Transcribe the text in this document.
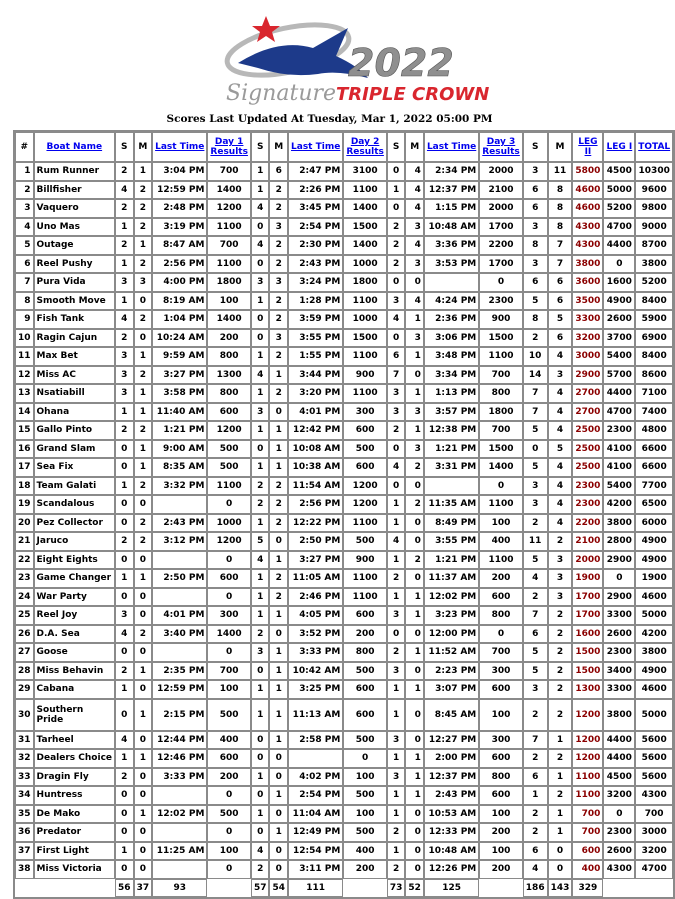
2022
Signature TRIPLE CROWN
Scores Last Updated At Tuesday, Mar 1, 2022 05:00 PM
#	Boat Name	S	M	Last Time	Day 1 Results	S	M	Last Time	Day 2 Results	S	M	Last Time	Day 3 Results	S	M	LEG II	LEG I	TOTAL
1	Rum Runner	2	1	3:04 PM	700	1	6	2:47 PM	3100	0	4	2:34 PM	2000	3	11	5800	4500	10300
2	Billfisher	4	2	12:59 PM	1400	1	2	2:26 PM	1100	1	4	12:37 PM	2100	6	8	4600	5000	9600
3	Vaquero	2	2	2:48 PM	1200	4	2	3:45 PM	1400	0	4	1:15 PM	2000	6	8	4600	5200	9800
4	Uno Mas	1	2	3:19 PM	1100	0	3	2:54 PM	1500	2	3	10:48 AM	1700	3	8	4300	4700	9000
5	Outage	2	1	8:47 AM	700	4	2	2:30 PM	1400	2	4	3:36 PM	2200	8	7	4300	4400	8700
6	Reel Pushy	1	2	2:56 PM	1100	0	2	2:43 PM	1000	2	3	3:53 PM	1700	3	7	3800	0	3800
7	Pura Vida	3	3	4:00 PM	1800	3	3	3:24 PM	1800	0	0		0	6	6	3600	1600	5200
8	Smooth Move	1	0	8:19 AM	100	1	2	1:28 PM	1100	3	4	4:24 PM	2300	5	6	3500	4900	8400
9	Fish Tank	4	2	1:04 PM	1400	0	2	3:59 PM	1000	4	1	2:36 PM	900	8	5	3300	2600	5900
10	Ragin Cajun	2	0	10:24 AM	200	0	3	3:55 PM	1500	0	3	3:06 PM	1500	2	6	3200	3700	6900
11	Max Bet	3	1	9:59 AM	800	1	2	1:55 PM	1100	6	1	3:48 PM	1100	10	4	3000	5400	8400
12	Miss AC	3	2	3:27 PM	1300	4	1	3:44 PM	900	7	0	3:34 PM	700	14	3	2900	5700	8600
13	Nsatiabill	3	1	3:58 PM	800	1	2	3:20 PM	1100	3	1	1:13 PM	800	7	4	2700	4400	7100
14	Ohana	1	1	11:40 AM	600	3	0	4:01 PM	300	3	3	3:57 PM	1800	7	4	2700	4700	7400
15	Gallo Pinto	2	2	1:21 PM	1200	1	1	12:42 PM	600	2	1	12:38 PM	700	5	4	2500	2300	4800
16	Grand Slam	0	1	9:00 AM	500	0	1	10:08 AM	500	0	3	1:21 PM	1500	0	5	2500	4100	6600
17	Sea Fix	0	1	8:35 AM	500	1	1	10:38 AM	600	4	2	3:31 PM	1400	5	4	2500	4100	6600
18	Team Galati	1	2	3:32 PM	1100	2	2	11:54 AM	1200	0	0		0	3	4	2300	5400	7700
19	Scandalous	0	0		0	2	2	2:56 PM	1200	1	2	11:35 AM	1100	3	4	2300	4200	6500
20	Pez Collector	0	2	2:43 PM	1000	1	2	12:22 PM	1100	1	0	8:49 PM	100	2	4	2200	3800	6000
21	Jaruco	2	2	3:12 PM	1200	5	0	2:50 PM	500	4	0	3:55 PM	400	11	2	2100	2800	4900
22	Eight Eights	0	0		0	4	1	3:27 PM	900	1	2	1:21 PM	1100	5	3	2000	2900	4900
23	Game Changer	1	1	2:50 PM	600	1	2	11:05 AM	1100	2	0	11:37 AM	200	4	3	1900	0	1900
24	War Party	0	0		0	1	2	2:46 PM	1100	1	1	12:02 PM	600	2	3	1700	2900	4600
25	Reel Joy	3	0	4:01 PM	300	1	1	4:05 PM	600	3	1	3:23 PM	800	7	2	1700	3300	5000
26	D.A. Sea	4	2	3:40 PM	1400	2	0	3:52 PM	200	0	0	12:00 PM	0	6	2	1600	2600	4200
27	Goose	0	0		0	3	1	3:33 PM	800	2	1	11:52 AM	700	5	2	1500	2300	3800
28	Miss Behavin	2	1	2:35 PM	700	0	1	10:42 AM	500	3	0	2:23 PM	300	5	2	1500	3400	4900
29	Cabana	1	0	12:59 PM	100	1	1	3:25 PM	600	1	1	3:07 PM	600	3	2	1300	3300	4600
30	Southern Pride	0	1	2:15 PM	500	1	1	11:13 AM	600	1	0	8:45 AM	100	2	2	1200	3800	5000
31	Tarheel	4	0	12:44 PM	400	0	1	2:58 PM	500	3	0	12:27 PM	300	7	1	1200	4400	5600
32	Dealers Choice	1	1	12:46 PM	600	0	0		0	1	1	2:00 PM	600	2	2	1200	4400	5600
33	Dragin Fly	2	0	3:33 PM	200	1	0	4:02 PM	100	3	1	12:37 PM	800	6	1	1100	4500	5600
34	Huntress	0	0		0	0	1	2:54 PM	500	1	1	2:43 PM	600	1	2	1100	3200	4300
35	De Mako	0	1	12:02 PM	500	1	0	11:04 AM	100	1	0	10:53 AM	100	2	1	700	0	700
36	Predator	0	0		0	0	1	12:49 PM	500	2	0	12:33 PM	200	2	1	700	2300	3000
37	First Light	1	0	11:25 AM	100	4	0	12:54 PM	400	1	0	10:48 AM	100	6	0	600	2600	3200
38	Miss Victoria	0	0		0	2	0	3:11 PM	200	2	0	12:26 PM	200	4	0	400	4300	4700
		56	37	93		57	54	111		73	52	125		186	143	329		
